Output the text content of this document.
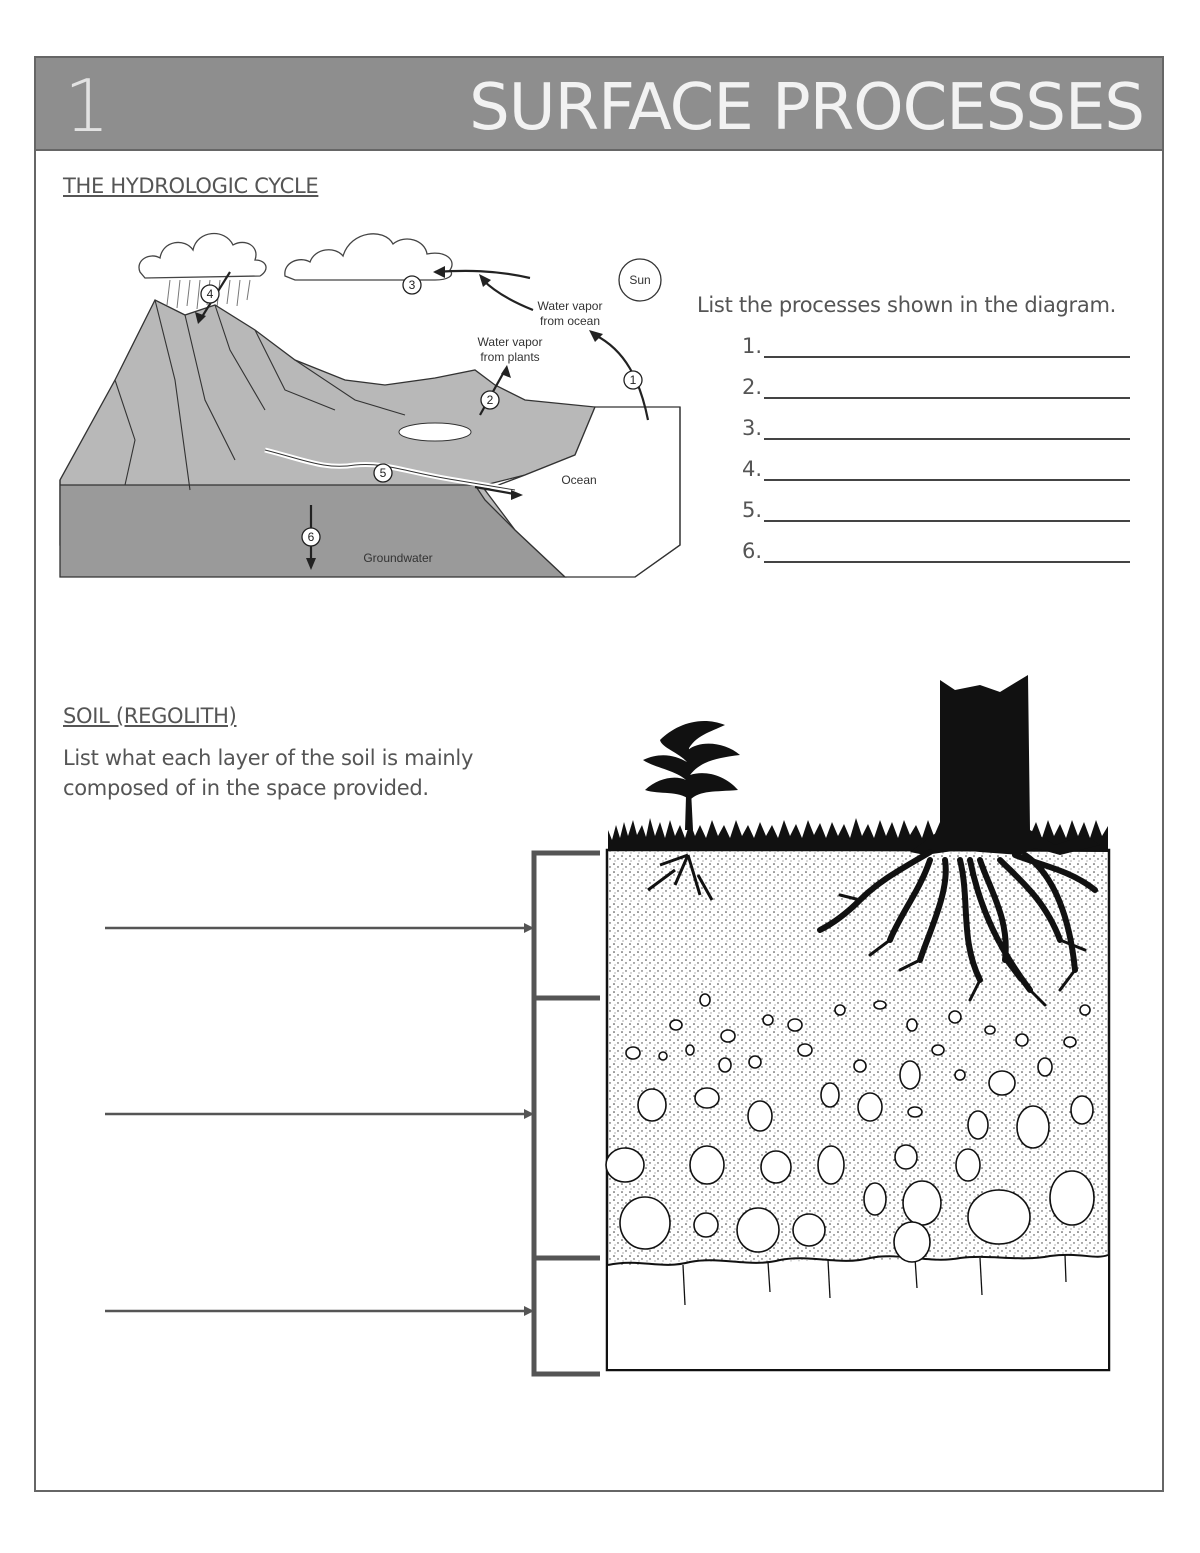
1	SURFACE PROCESSES
THE HYDROLOGIC CYCLE
Sun
Water vapor
from ocean
Water vapor
from plants
Ocean
Groundwater
1
2
3
4
5
6
List the processes shown in the diagram.
1.
2.
3.
4.
5.
6.
SOIL (REGOLITH)
List what each layer of the soil is mainly
composed of in the space provided.
